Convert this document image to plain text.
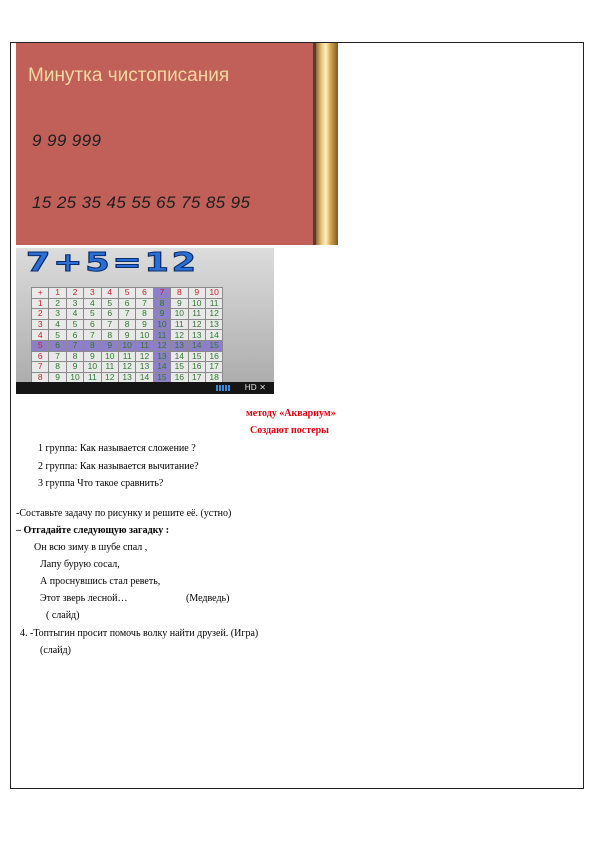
Минутка чистописания
9 99 999
15 25 35 45 55 65 75 85 95
7+5=12
+	1	2	3	4	5	6	7	8	9	10
1	2	3	4	5	6	7	8	9	10	11
2	3	4	5	6	7	8	9	10	11	12
3	4	5	6	7	8	9	10	11	12	13
4	5	6	7	8	9	10	11	12	13	14
5	6	7	8	9	10	11	12	13	14	15
6	7	8	9	10	11	12	13	14	15	16
7	8	9	10	11	12	13	14	15	16	17
8	9	10	11	12	13	14	15	16	17	18

HD ✕
методу «Аквариум»
Создают постеры
1 группа: Как называется сложение ?
2 группа: Как называется вычитание?
3 группа Что такое сравнить?
-Составьте задачу по рисунку и решите её. (устно)
– Отгадайте следующую загадку :
Он всю зиму в шубе спал ,
Лапу бурую сосал,
А проснувшись стал реветь,
Этот зверь лесной…	(Медведь)
( слайд)
4. -Топтыгин просит помочь волку найти друзей. (Игра)
(слайд)
